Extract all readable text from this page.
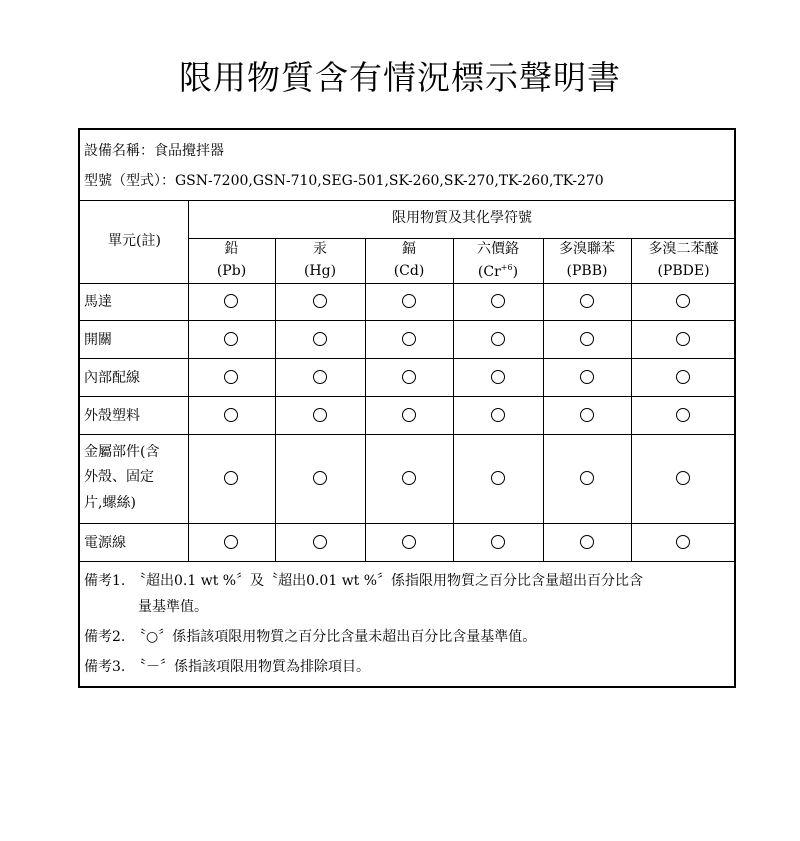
限用物質含有情況標示聲明書
設備名稱：食品攪拌器
型號（型式）：GSN-7200,GSN-710,SEG-501,SK-260,SK-270,TK-260,TK-270
單元(註)
限用物質及其化學符號
鉛
(Pb)
汞
(Hg)
鎘
(Cd)
六價鉻
$(Cr^{+6})$
多溴聯苯
(PBB)
多溴二苯醚
(PBDE)
馬達
開關
內部配線
外殼塑料
金屬部件(含
外殼、固定
片,螺絲)
電源線
備考1. 〝超出0.1 wt %〞及〝超出0.01 wt %〞係指限用物質之百分比含量超出百分比含
量基準值。
備考2. 〝○〞係指該項限用物質之百分比含量未超出百分比含量基準值。
備考3. 〝－〞係指該項限用物質為排除項目。
